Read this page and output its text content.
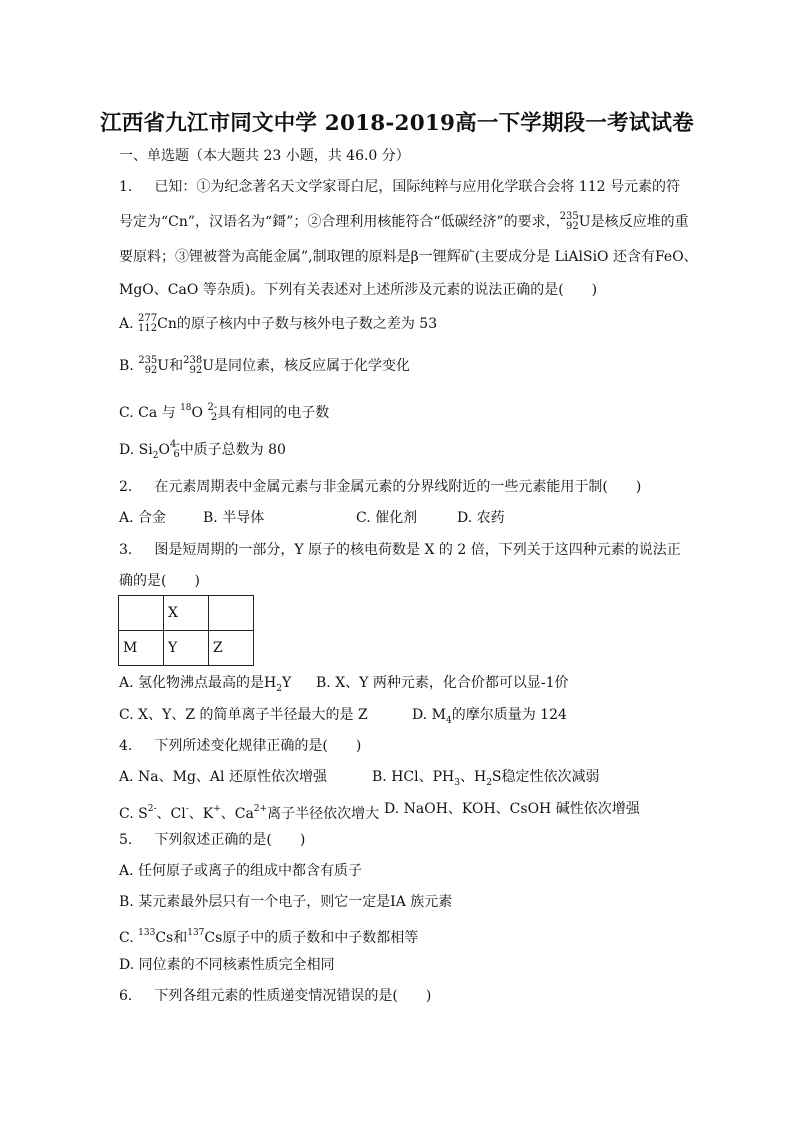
江西省九江市同文中学 2018-2019高一下学期段一考试试卷
一、单选题（本大题共 23 小题，共 46.0 分）
1. 已知：①为纪念著名天文学家哥白尼，国际纯粹与应用化学联合会将 112 号元素的符
号定为“Cn”，汉语名为“鎶”；②合理利用核能符合“低碳经济”的要求， 235
92 U是核反应堆的重
要原料；③锂被誉为高能金属”,制取锂的原料是β一锂辉矿(主要成分是 LiAlSiO 还含有FeO、
MgO、CaO 等杂质)。下列有关表述对上述所涉及元素的说法正确的是(　　)
A. 277
112 Cn的原子核内中子数与核外电子数之差为 53
B. 235
92 U和 238
92 U是同位素，核反应属于化学变化
C. Ca 与 $^{18}$O 2-
2 具有相同的电子数
D. $Si_2O$ 4-
6 中质子总数为 80
2. 在元素周期表中金属元素与非金属元素的分界线附近的一些元素能用于制(　　)
A. 合金	B. 半导体	C. 催化剂	D. 农药
3. 图是短周期的一部分，Y 原子的核电荷数是 X 的 2 倍，下列关于这四种元素的说法正
确的是(　　)
	X	
M	Y	Z
A. 氢化物沸点最高的是$H_2Y$ B. X、Y 两种元素，化合价都可以显-1价
C. X、Y、Z 的简单离子半径最大的是 Z	D. $M_4$的摩尔质量为 124
4. 下列所述变化规律正确的是(　　)
A. Na、Mg、Al 还原性依次增强	B. HCl、$PH_3$、$H_2S$稳定性依次减弱
C. $S^{2-}$、Cl-、K+、$Ca^{2+}$离子半径依次增大 D. NaOH、KOH、CsOH 碱性依次增强
5. 下列叙述正确的是(　　)
A. 任何原子或离子的组成中都含有质子
B. 某元素最外层只有一个电子，则它一定是ⅠA 族元素
C. $^{133}$Cs和$^{137}$Cs原子中的质子数和中子数都相等
D. 同位素的不同核素性质完全相同
6. 下列各组元素的性质递变情况错误的是(　　)
